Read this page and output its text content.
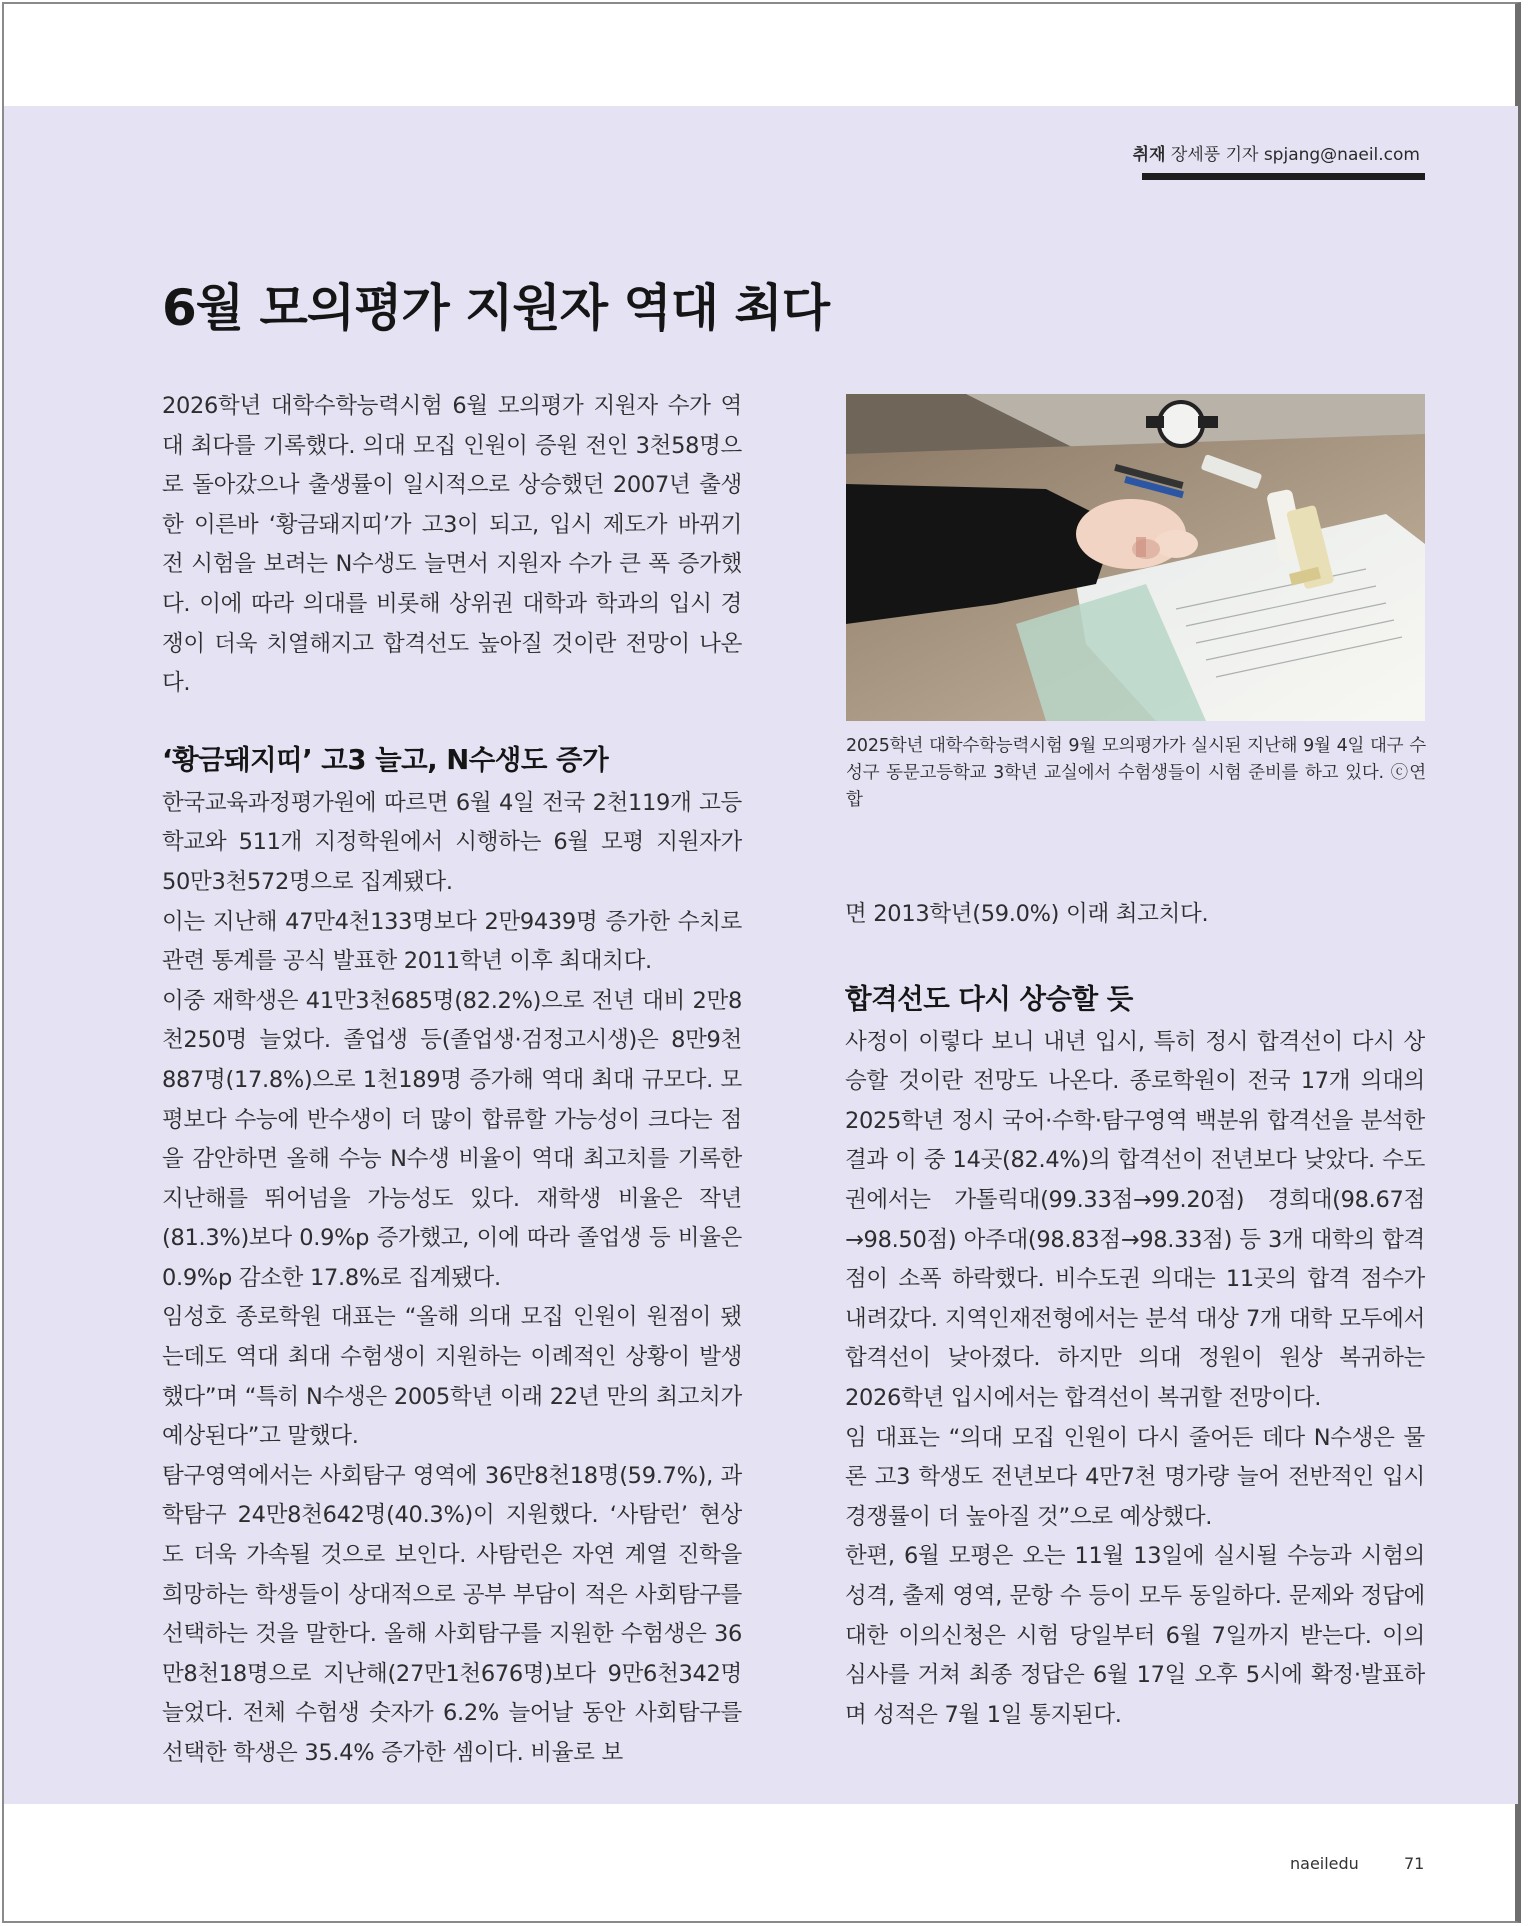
취재 장세풍 기자 spjang@naeil.com
6월 모의평가 지원자 역대 최다

2026학년 대학수학능력시험 6월 모의평가 지원자 수가 역대 최다를 기록했다. 의대 모집 인원이 증원 전인 3천58명으로 돌아갔으나 출생률이 일시적으로 상승했던 2007년 출생한 이른바 ‘황금돼지띠’가 고3이 되고, 입시 제도가 바뀌기 전 시험을 보려는 N수생도 늘면서 지원자 수가 큰 폭 증가했다. 이에 따라 의대를 비롯해 상위권 대학과 학과의 입시 경쟁이 더욱 치열해지고 합격선도 높아질 것이란 전망이 나온다.

‘황금돼지띠’ 고3 늘고, N수생도 증가

한국교육과정평가원에 따르면 6월 4일 전국 2천119개 고등학교와 511개 지정학원에서 시행하는 6월 모평 지원자가 50만3천572명으로 집계됐다.

이는 지난해 47만4천133명보다 2만9439명 증가한 수치로 관련 통계를 공식 발표한 2011학년 이후 최대치다.

이중 재학생은 41만3천685명(82.2%)으로 전년 대비 2만8천250명 늘었다. 졸업생 등(졸업생·검정고시생)은 8만9천887명(17.8%)으로 1천189명 증가해 역대 최대 규모다. 모평보다 수능에 반수생이 더 많이 합류할 가능성이 크다는 점을 감안하면 올해 수능 N수생 비율이 역대 최고치를 기록한 지난해를 뛰어넘을 가능성도 있다. 재학생 비율은 작년(81.3%)보다 0.9%p 증가했고, 이에 따라 졸업생 등 비율은 0.9%p 감소한 17.8%로 집계됐다.

임성호 종로학원 대표는 “올해 의대 모집 인원이 원점이 됐는데도 역대 최대 수험생이 지원하는 이례적인 상황이 발생했다”며 “특히 N수생은 2005학년 이래 22년 만의 최고치가 예상된다”고 말했다.

탐구영역에서는 사회탐구 영역에 36만8천18명(59.7%), 과학탐구 24만8천642명(40.3%)이 지원했다. ‘사탐런’ 현상도 더욱 가속될 것으로 보인다. 사탐런은 자연 계열 진학을 희망하는 학생들이 상대적으로 공부 부담이 적은 사회탐구를 선택하는 것을 말한다. 올해 사회탐구를 지원한 수험생은 36만8천18명으로 지난해(27만1천676명)보다 9만6천342명 늘었다. 전체 수험생 숫자가 6.2% 늘어날 동안 사회탐구를 선택한 학생은 35.4% 증가한 셈이다. 비율로 보

2025학년 대학수학능력시험 9월 모의평가가 실시된 지난해 9월 4일 대구 수성구 동문고등학교 3학년 교실에서 수험생들이 시험 준비를 하고 있다. ⓒ연합

면 2013학년(59.0%) 이래 최고치다.

합격선도 다시 상승할 듯

사정이 이렇다 보니 내년 입시, 특히 정시 합격선이 다시 상승할 것이란 전망도 나온다. 종로학원이 전국 17개 의대의 2025학년 정시 국어·수학·탐구영역 백분위 합격선을 분석한 결과 이 중 14곳(82.4%)의 합격선이 전년보다 낮았다. 수도권에서는 가톨릭대(99.33점→99.20점) 경희대(98.67점→98.50점) 아주대(98.83점→98.33점) 등 3개 대학의 합격점이 소폭 하락했다. 비수도권 의대는 11곳의 합격 점수가 내려갔다. 지역인재전형에서는 분석 대상 7개 대학 모두에서 합격선이 낮아졌다. 하지만 의대 정원이 원상 복귀하는 2026학년 입시에서는 합격선이 복귀할 전망이다.

임 대표는 “의대 모집 인원이 다시 줄어든 데다 N수생은 물론 고3 학생도 전년보다 4만7천 명가량 늘어 전반적인 입시 경쟁률이 더 높아질 것”으로 예상했다.

한편, 6월 모평은 오는 11월 13일에 실시될 수능과 시험의 성격, 출제 영역, 문항 수 등이 모두 동일하다. 문제와 정답에 대한 이의신청은 시험 당일부터 6월 7일까지 받는다. 이의 심사를 거쳐 최종 정답은 6월 17일 오후 5시에 확정·발표하며 성적은 7월 1일 통지된다.

naeiledu	71
